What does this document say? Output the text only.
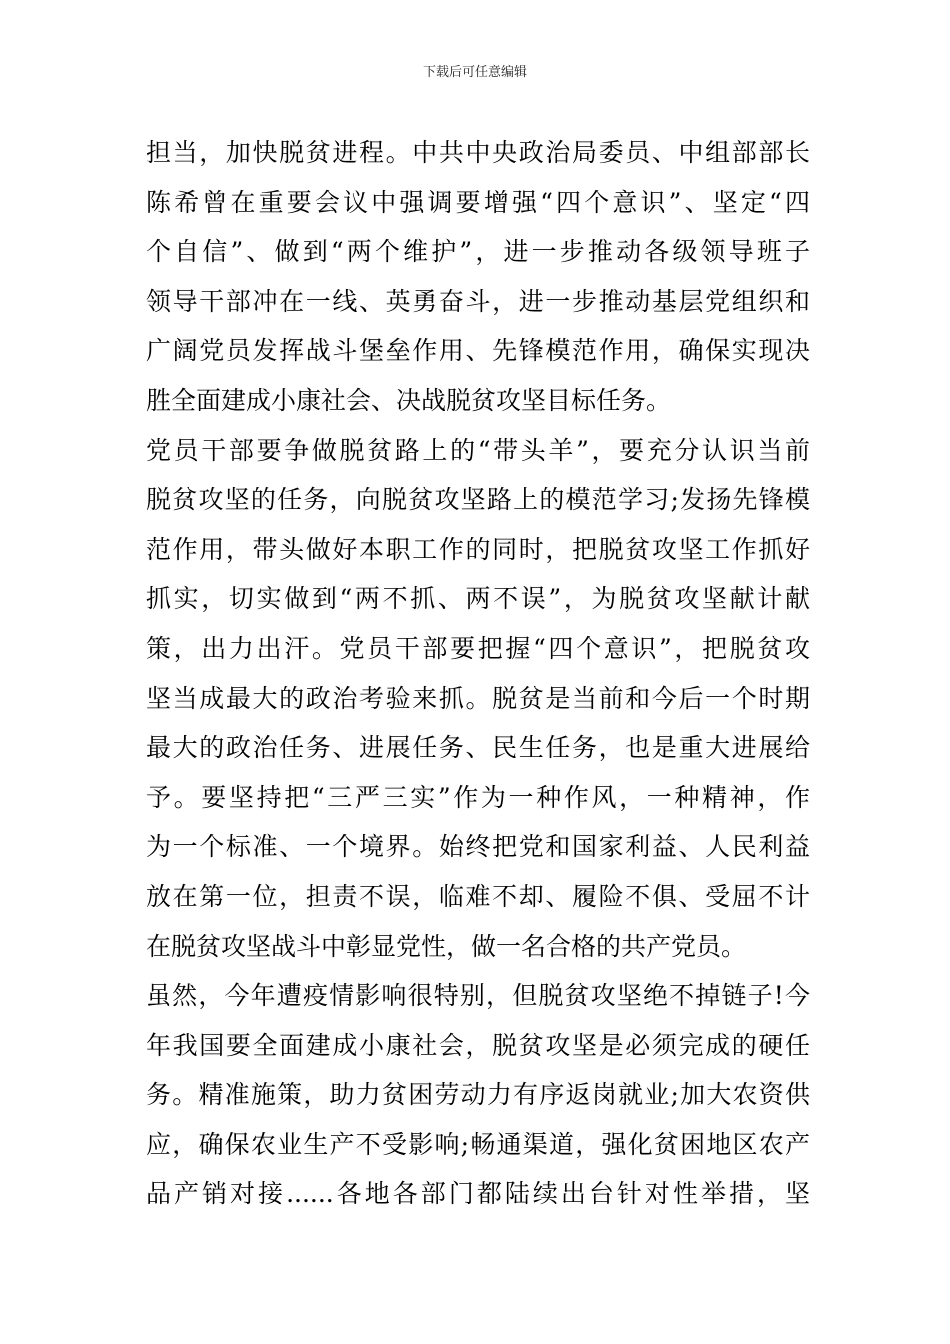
下载后可任意编辑
担当，加快脱贫进程。中共中央政治局委员、中组部部长
陈希曾在重要会议中强调要增强“四个意识”、坚定“四
个自信”、做到“两个维护”，进一步推动各级领导班子
领导干部冲在一线、英勇奋斗，进一步推动基层党组织和
广阔党员发挥战斗堡垒作用、先锋模范作用，确保实现决
胜全面建成小康社会、决战脱贫攻坚目标任务。
党员干部要争做脱贫路上的“带头羊”，要充分认识当前
脱贫攻坚的任务，向脱贫攻坚路上的模范学习;发扬先锋模
范作用，带头做好本职工作的同时，把脱贫攻坚工作抓好
抓实，切实做到“两不抓、两不误”，为脱贫攻坚献计献
策，出力出汗。党员干部要把握“四个意识”，把脱贫攻
坚当成最大的政治考验来抓。脱贫是当前和今后一个时期
最大的政治任务、进展任务、民生任务，也是重大进展给
予。要坚持把“三严三实”作为一种作风，一种精神，作
为一个标准、一个境界。始终把党和国家利益、人民利益
放在第一位，担责不误，临难不却、履险不俱、受屈不计
在脱贫攻坚战斗中彰显党性，做一名合格的共产党员。
虽然，今年遭疫情影响很特别，但脱贫攻坚绝不掉链子!今
年我国要全面建成小康社会，脱贫攻坚是必须完成的硬任
务。精准施策，助力贫困劳动力有序返岗就业;加大农资供
应，确保农业生产不受影响;畅通渠道，强化贫困地区农产
品产销对接......各地各部门都陆续出台针对性举措，坚
